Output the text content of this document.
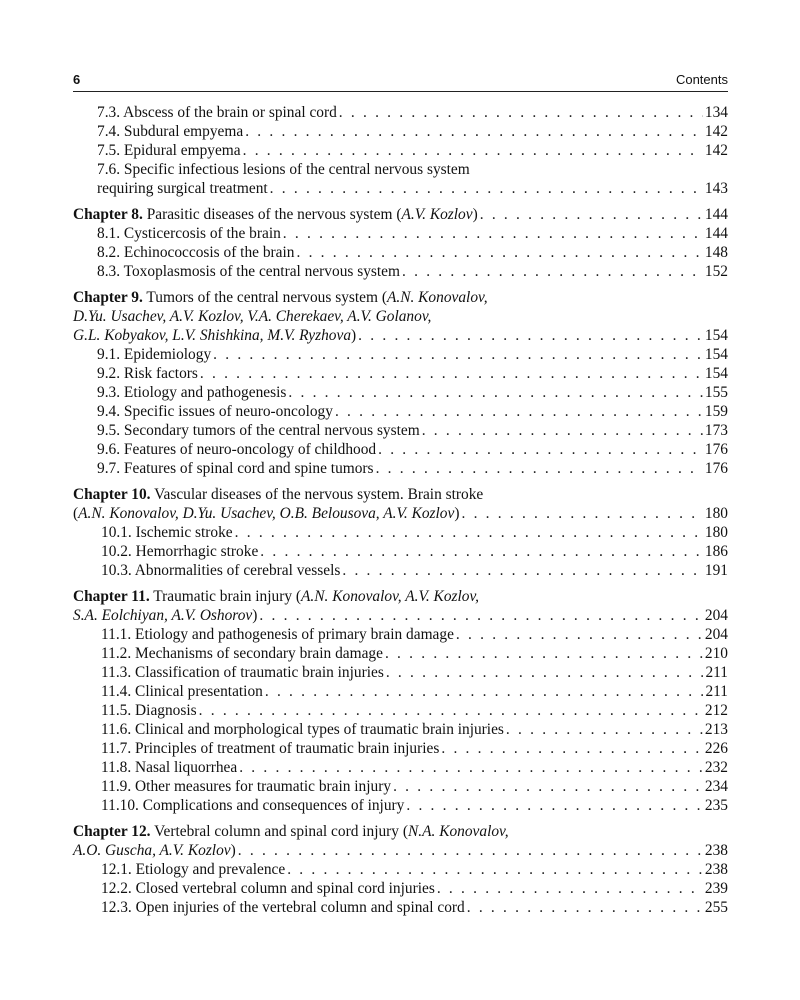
6	Contents
7.3. Abscess of the brain or spinal cord . . .	134
7.4. Subdural empyema . . .	142
7.5. Epidural empyema . . .	142
7.6. Specific infectious lesions of the central nervous system
requiring surgical treatment . . .	143
Chapter 8. Parasitic diseases of the nervous system (A.V. Kozlov) . . .	144
8.1. Cysticercosis of the brain . . .	144
8.2. Echinococcosis of the brain . . .	148
8.3. Toxoplasmosis of the central nervous system . . .	152
Chapter 9. Tumors of the central nervous system (A.N. Konovalov,
D.Yu. Usachev, A.V. Kozlov, V.A. Cherekaev, A.V. Golanov,
G.L. Kobyakov, L.V. Shishkina, M.V. Ryzhova) . . .	154
9.1. Epidemiology . . .	154
9.2. Risk factors . . .	154
9.3. Etiology and pathogenesis . . .	155
9.4. Specific issues of neuro-oncology . . .	159
9.5. Secondary tumors of the central nervous system . . .	173
9.6. Features of neuro-oncology of childhood . . .	176
9.7. Features of spinal cord and spine tumors . . .	176
Chapter 10. Vascular diseases of the nervous system. Brain stroke
(A.N. Konovalov, D.Yu. Usachev, O.B. Belousova, A.V. Kozlov) . . .	180
10.1. Ischemic stroke . . .	180
10.2. Hemorrhagic stroke . . .	186
10.3. Abnormalities of cerebral vessels . . .	191
Chapter 11. Traumatic brain injury (A.N. Konovalov, A.V. Kozlov,
S.A. Eolchiyan, A.V. Oshorov) . . .	204
11.1. Etiology and pathogenesis of primary brain damage . . .	204
11.2. Mechanisms of secondary brain damage . . .	210
11.3. Classification of traumatic brain injuries . . .	211
11.4. Clinical presentation . . .	211
11.5. Diagnosis . . .	212
11.6. Clinical and morphological types of traumatic brain injuries . . .	213
11.7. Principles of treatment of traumatic brain injuries . . .	226
11.8. Nasal liquorrhea . . .	232
11.9. Other measures for traumatic brain injury . . .	234
11.10. Complications and consequences of injury . . .	235
Chapter 12. Vertebral column and spinal cord injury (N.A. Konovalov,
A.O. Guscha, A.V. Kozlov) . . .	238
12.1. Etiology and prevalence . . .	238
12.2. Closed vertebral column and spinal cord injuries . . .	239
12.3. Open injuries of the vertebral column and spinal cord . . .	255
